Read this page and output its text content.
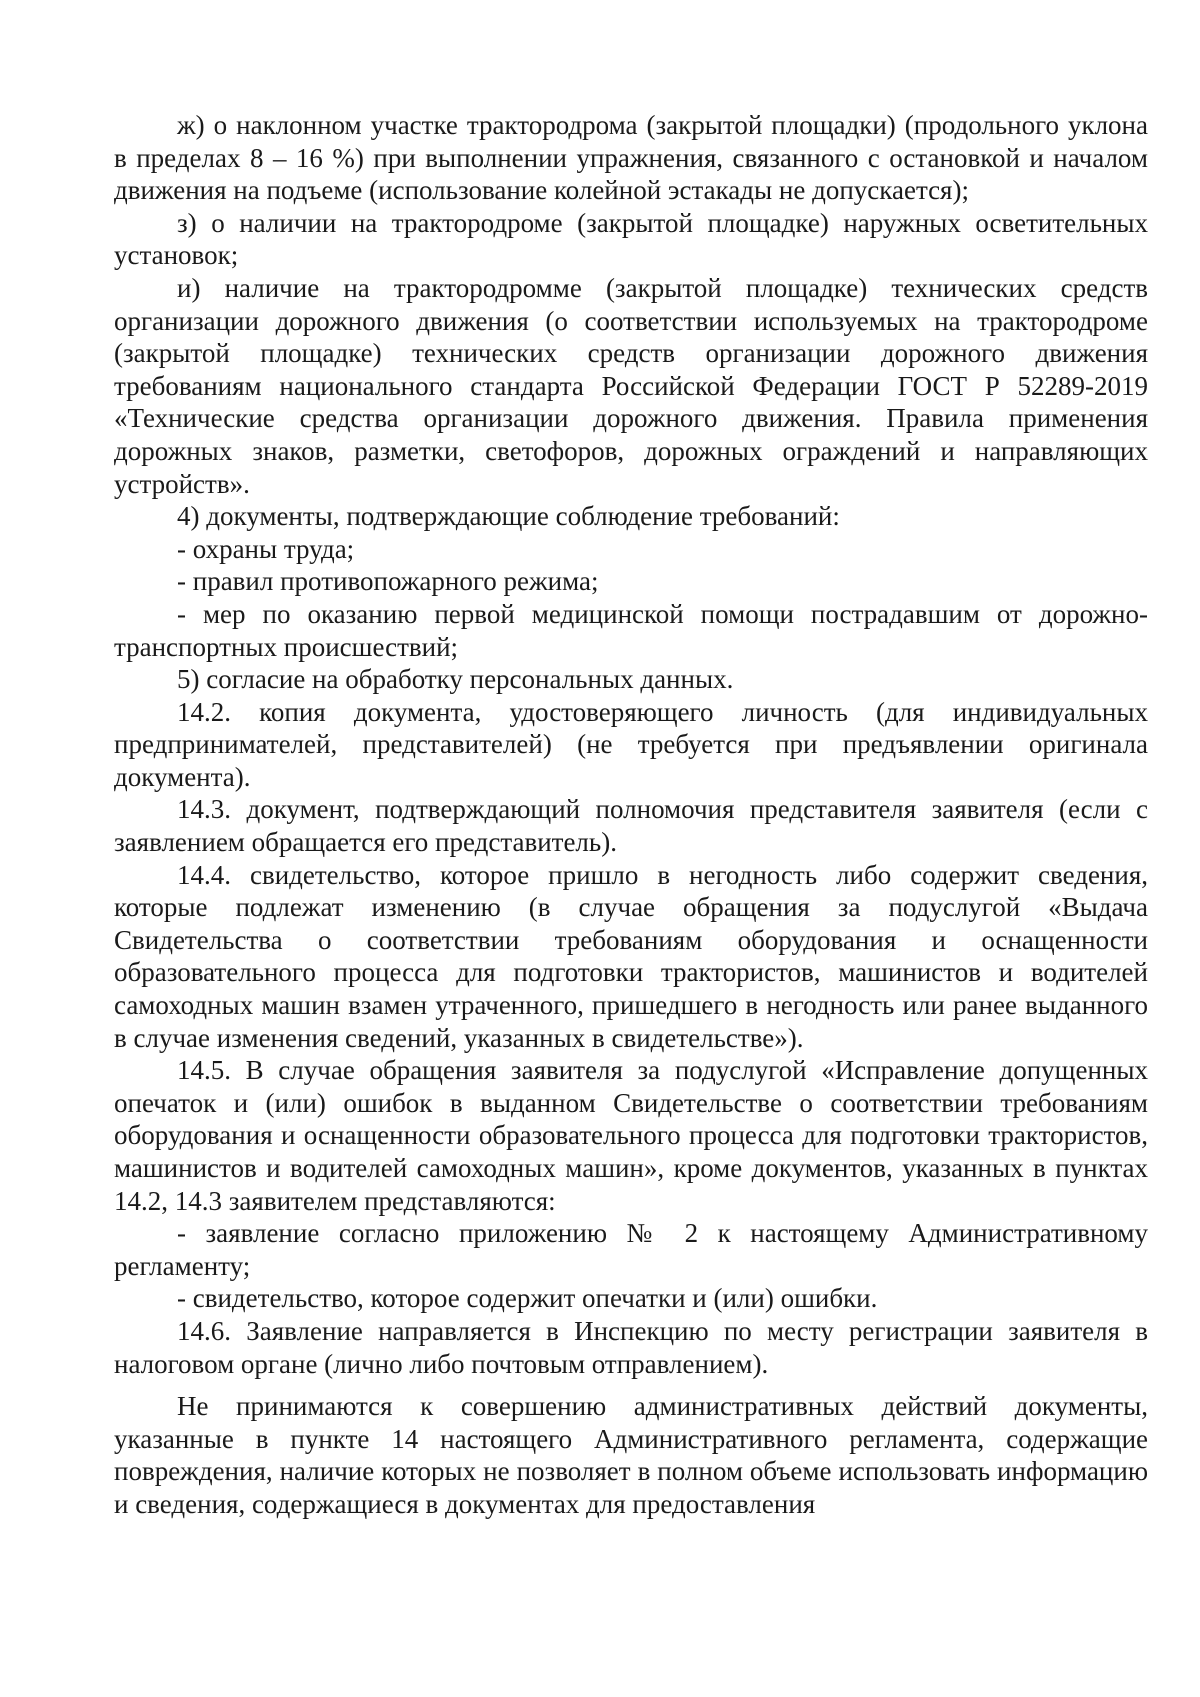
ж) о наклонном участке трактородрома (закрытой площадки) (продольного уклона в пределах 8 – 16 %) при выполнении упражнения, связанного с остановкой и началом движения на подъеме (использование колейной эстакады не допускается);

з) о наличии на трактородроме (закрытой площадке) наружных осветительных установок;

и) наличие на трактородромме (закрытой площадке) технических средств организации дорожного движения (о соответствии используемых на трактородроме (закрытой площадке) технических средств организации дорожного движения требованиям национального стандарта Российской Федерации ГОСТ Р 52289-2019 «Технические средства организации дорожного движения. Правила применения дорожных знаков, разметки, светофоров, дорожных ограждений и направляющих устройств».

4) документы, подтверждающие соблюдение требований:

- охраны труда;

- правил противопожарного режима;

- мер по оказанию первой медицинской помощи пострадавшим от дорожно-транспортных происшествий;

5) согласие на обработку персональных данных.

14.2. копия документа, удостоверяющего личность (для индивидуальных предпринимателей, представителей) (не требуется при предъявлении оригинала документа).

14.3. документ, подтверждающий полномочия представителя заявителя (если с заявлением обращается его представитель).

14.4. свидетельство, которое пришло в негодность либо содержит сведения, которые подлежат изменению (в случае обращения за подуслугой «Выдача Свидетельства о соответствии требованиям оборудования и оснащенности образовательного процесса для подготовки трактористов, машинистов и водителей самоходных машин взамен утраченного, пришедшего в негодность или ранее выданного в случае изменения сведений, указанных в свидетельстве»).

14.5. В случае обращения заявителя за подуслугой «Исправление допущенных опечаток и (или) ошибок в выданном Свидетельстве о соответствии требованиям оборудования и оснащенности образовательного процесса для подготовки трактористов, машинистов и водителей самоходных машин», кроме документов, указанных в пунктах 14.2, 14.3 заявителем представляются:

- заявление согласно приложению № 2 к настоящему Административному регламенту;

- свидетельство, которое содержит опечатки и (или) ошибки.

14.6. Заявление направляется в Инспекцию по месту регистрации заявителя в налоговом органе (лично либо почтовым отправлением).

Не принимаются к совершению административных действий документы, указанные в пункте 14 настоящего Административного регламента, содержащие повреждения, наличие которых не позволяет в полном объеме использовать информацию и сведения, содержащиеся в документах для предоставления
